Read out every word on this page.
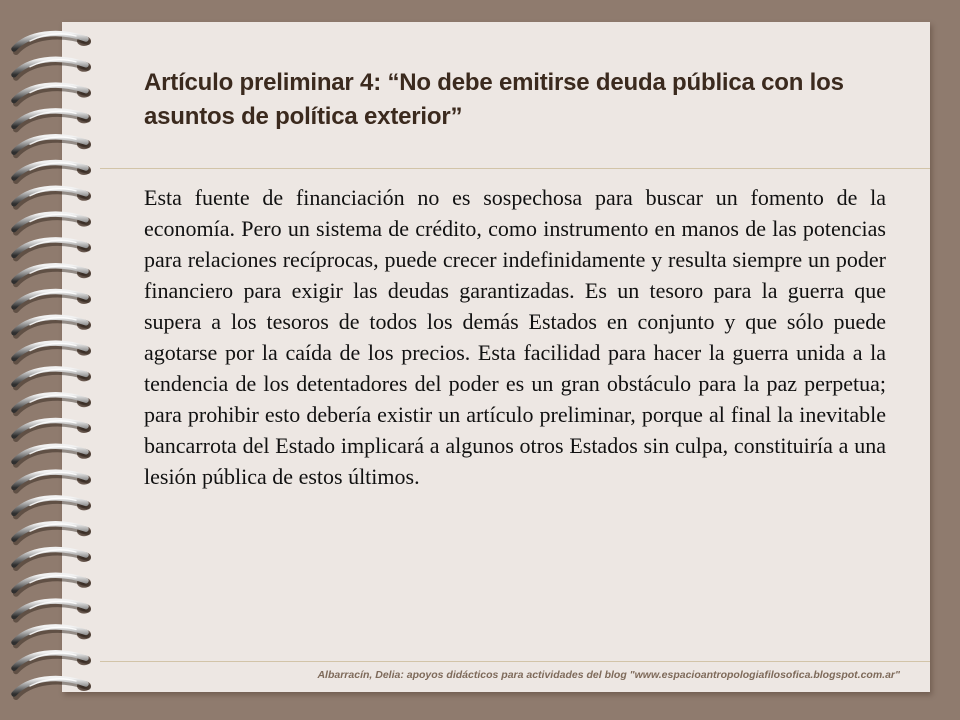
Artículo preliminar 4: “No debe emitirse deuda pública con los asuntos de política exterior”

Esta fuente de financiación no es sospechosa para buscar un fomento de la economía. Pero un sistema de crédito, como instrumento en manos de las potencias para relaciones recíprocas, puede crecer indefinidamente y resulta siempre un poder financiero para exigir las deudas garantizadas. Es un tesoro para la guerra que supera a los tesoros de todos los demás Estados en conjunto y que sólo puede agotarse por la caída de los precios. Esta facilidad para hacer la guerra unida a la tendencia de los detentadores del poder es un gran obstáculo para la paz perpetua; para prohibir esto debería existir un artículo preliminar, porque al final la inevitable bancarrota del Estado implicará a algunos otros Estados sin culpa, constituiría a una lesión pública de estos últimos.

Albarracín, Delia: apoyos didácticos para actividades del blog "www.espacioantropologiafilosofica.blogspot.com.ar"
